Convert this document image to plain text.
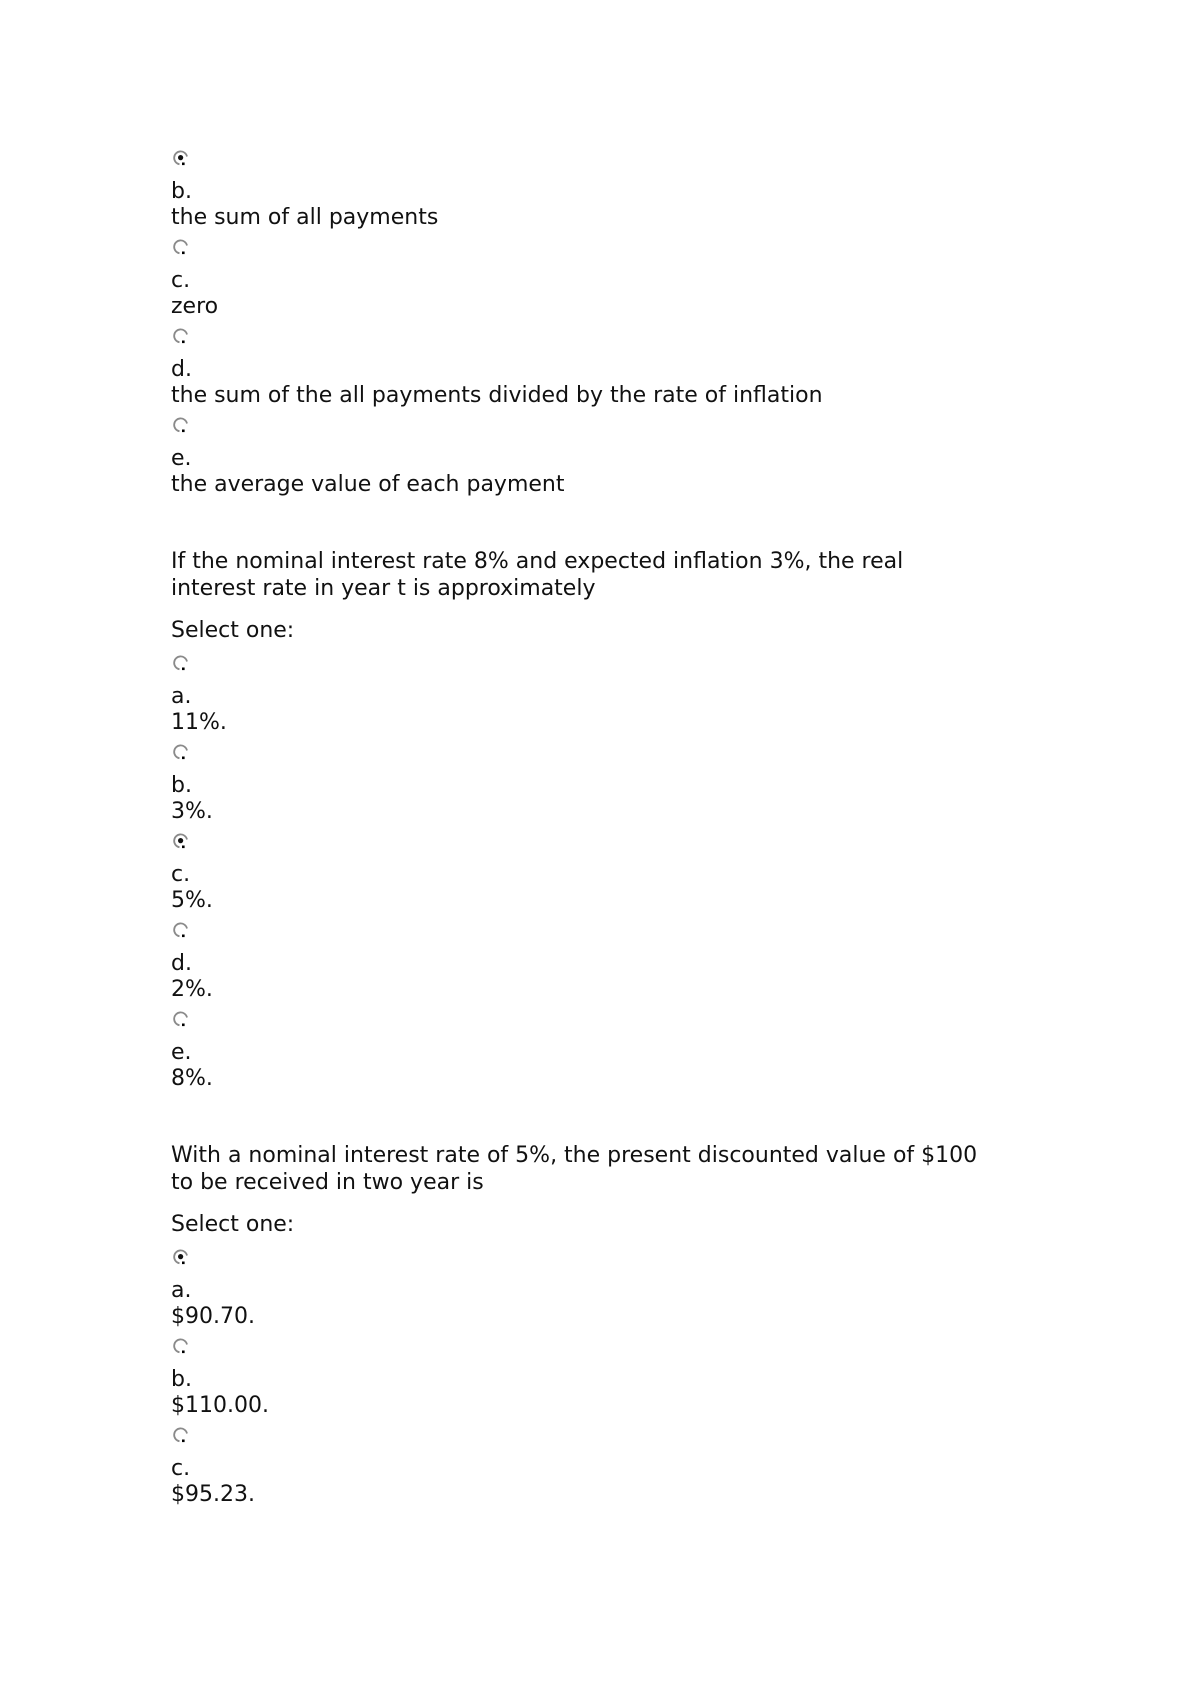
b.
the sum of all payments
c.
zero
d.
the sum of the all payments divided by the rate of inflation
e.
the average value of each payment
If the nominal interest rate 8% and expected inflation 3%, the real
interest rate in year t is approximately
Select one:
a.
11%.
b.
3%.
c.
5%.
d.
2%.
e.
8%.
With a nominal interest rate of 5%, the present discounted value of $100
to be received in two year is
Select one:
a.
$90.70.
b.
$110.00.
c.
$95.23.
